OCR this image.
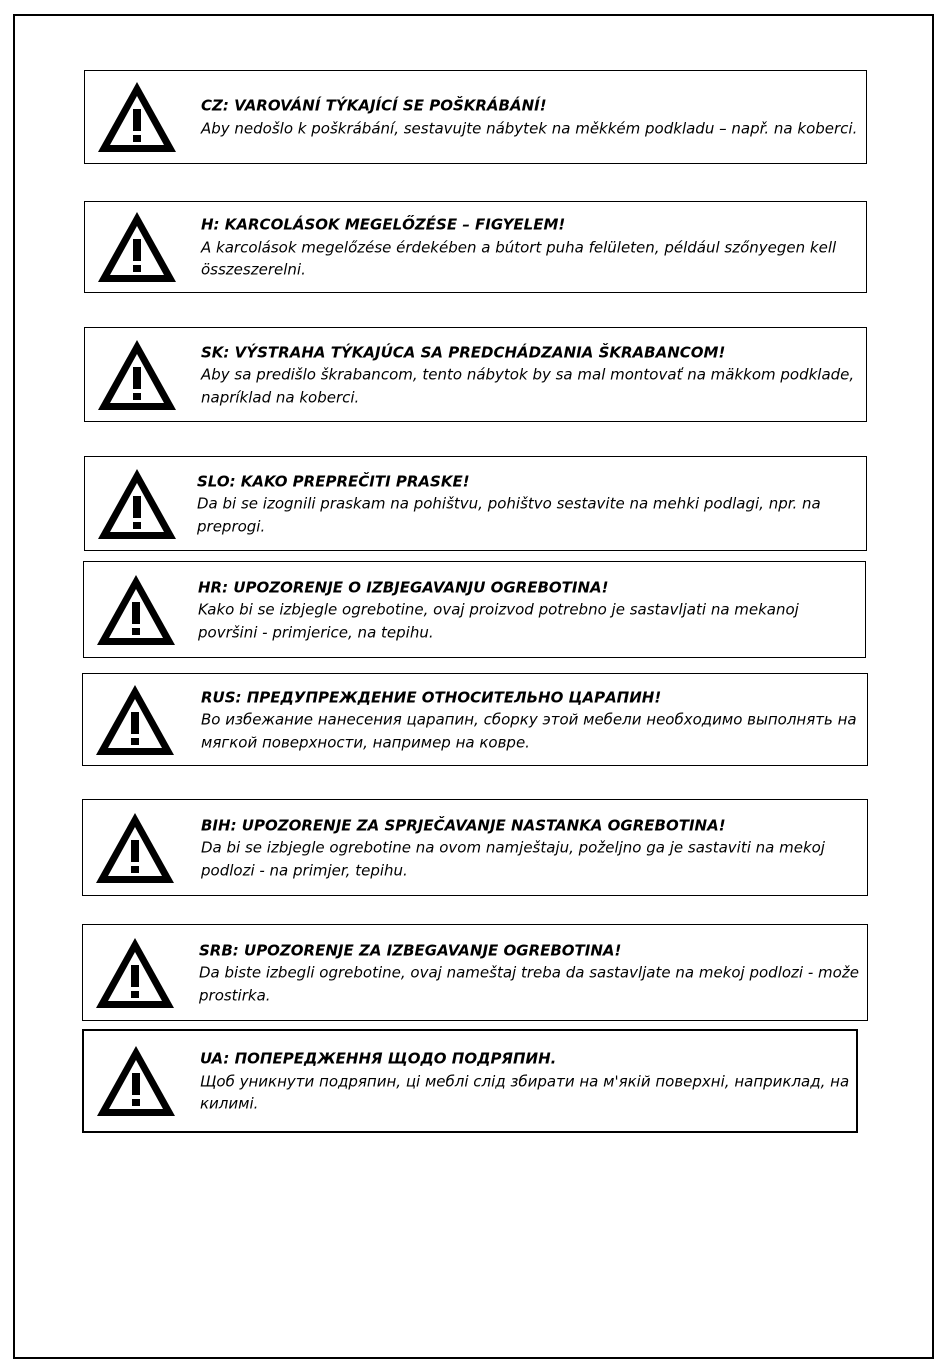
CZ: VAROVÁNÍ TÝKAJÍCÍ SE POŠKRÁBÁNÍ!
Aby nedošlo k poškrábání, sestavujte nábytek na měkkém podkladu – např. na koberci.
H: KARCOLÁSOK MEGELŐZÉSE – FIGYELEM!
A karcolások megelőzése érdekében a bútort puha felületen, például szőnyegen kell összeszerelni.
SK: VÝSTRAHA TÝKAJÚCA SA PREDCHÁDZANIA ŠKRABANCOM!
Aby sa predišlo škrabancom, tento nábytok by sa mal montovať na mäkkom podklade, napríklad na koberci.
SLO: KAKO PREPREČITI PRASKE!
Da bi se izognili praskam na pohištvu, pohištvo sestavite na mehki podlagi, npr. na preprogi.
HR: UPOZORENJE O IZBJEGAVANJU OGREBOTINA!
Kako bi se izbjegle ogrebotine, ovaj proizvod potrebno je sastavljati na mekanoj površini - primjerice, na tepihu.
RUS: ПРЕДУПРЕЖДЕНИЕ ОТНОСИТЕЛЬНО ЦАРАПИН!
Во избежание нанесения царапин, сборку этой мебели необходимо выполнять на мягкой поверхности, например на ковре.
BIH: UPOZORENJE ZA SPRJEČAVANJE NASTANKA OGREBOTINA!
Da bi se izbjegle ogrebotine na ovom namještaju, poželjno ga je sastaviti na mekoj podlozi - na primjer, tepihu.
SRB: UPOZORENJE ZA IZBEGAVANJE OGREBOTINA!
Da biste izbegli ogrebotine, ovaj nameštaj treba da sastavljate na mekoj podlozi - može prostirka.
UA: ПОПЕРЕДЖЕННЯ ЩОДО ПОДРЯПИН.
Щоб уникнути подряпин, ці меблі слід збирати на м'якій поверхні, наприклад, на килимі.
